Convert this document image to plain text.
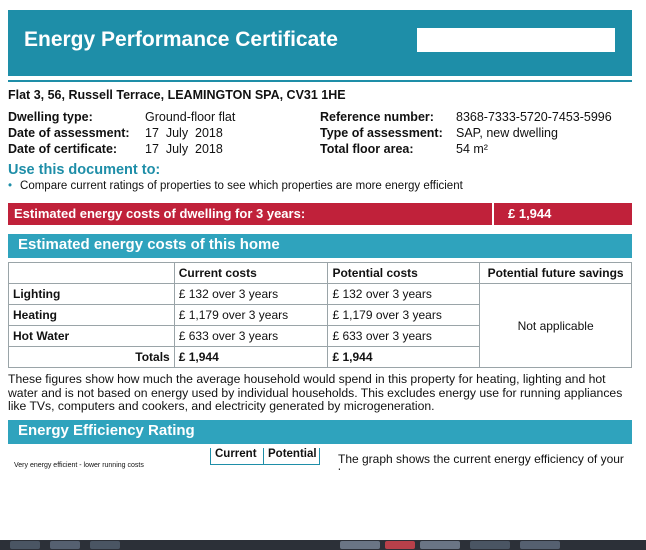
Energy Performance Certificate
Flat 3, 56, Russell Terrace, LEAMINGTON SPA, CV31 1HE
Dwelling type:	Ground-floor flat
Date of assessment: 17  July  2018
Date of certificate: 17  July  2018
Reference number: 8368-7333-5720-7453-5996
Type of assessment: SAP, new dwelling
Total floor area:	54 m²
Use this document to:
• Compare current ratings of properties to see which properties are more energy efficient
Estimated energy costs of dwelling for 3 years:	£ 1,944
Estimated energy costs of this home
	Current costs	Potential costs	Potential future savings
Lighting	£ 132 over 3 years	£ 132 over 3 years	Not applicable
Heating	£ 1,179 over 3 years	£ 1,179 over 3 years	
Hot Water	£ 633 over 3 years	£ 633 over 3 years	
Totals	£ 1,944	£ 1,944	
These figures show how much the average household would spend in this property for heating, lighting and hot water and is not based on energy used by individual households. This excludes energy use for running appliances like TVs, computers and cookers, and electricity generated by microgeneration.
Energy Efficiency Rating
Current Potential
Very energy efficient - lower running costs	The graph shows the current energy efficiency of your
